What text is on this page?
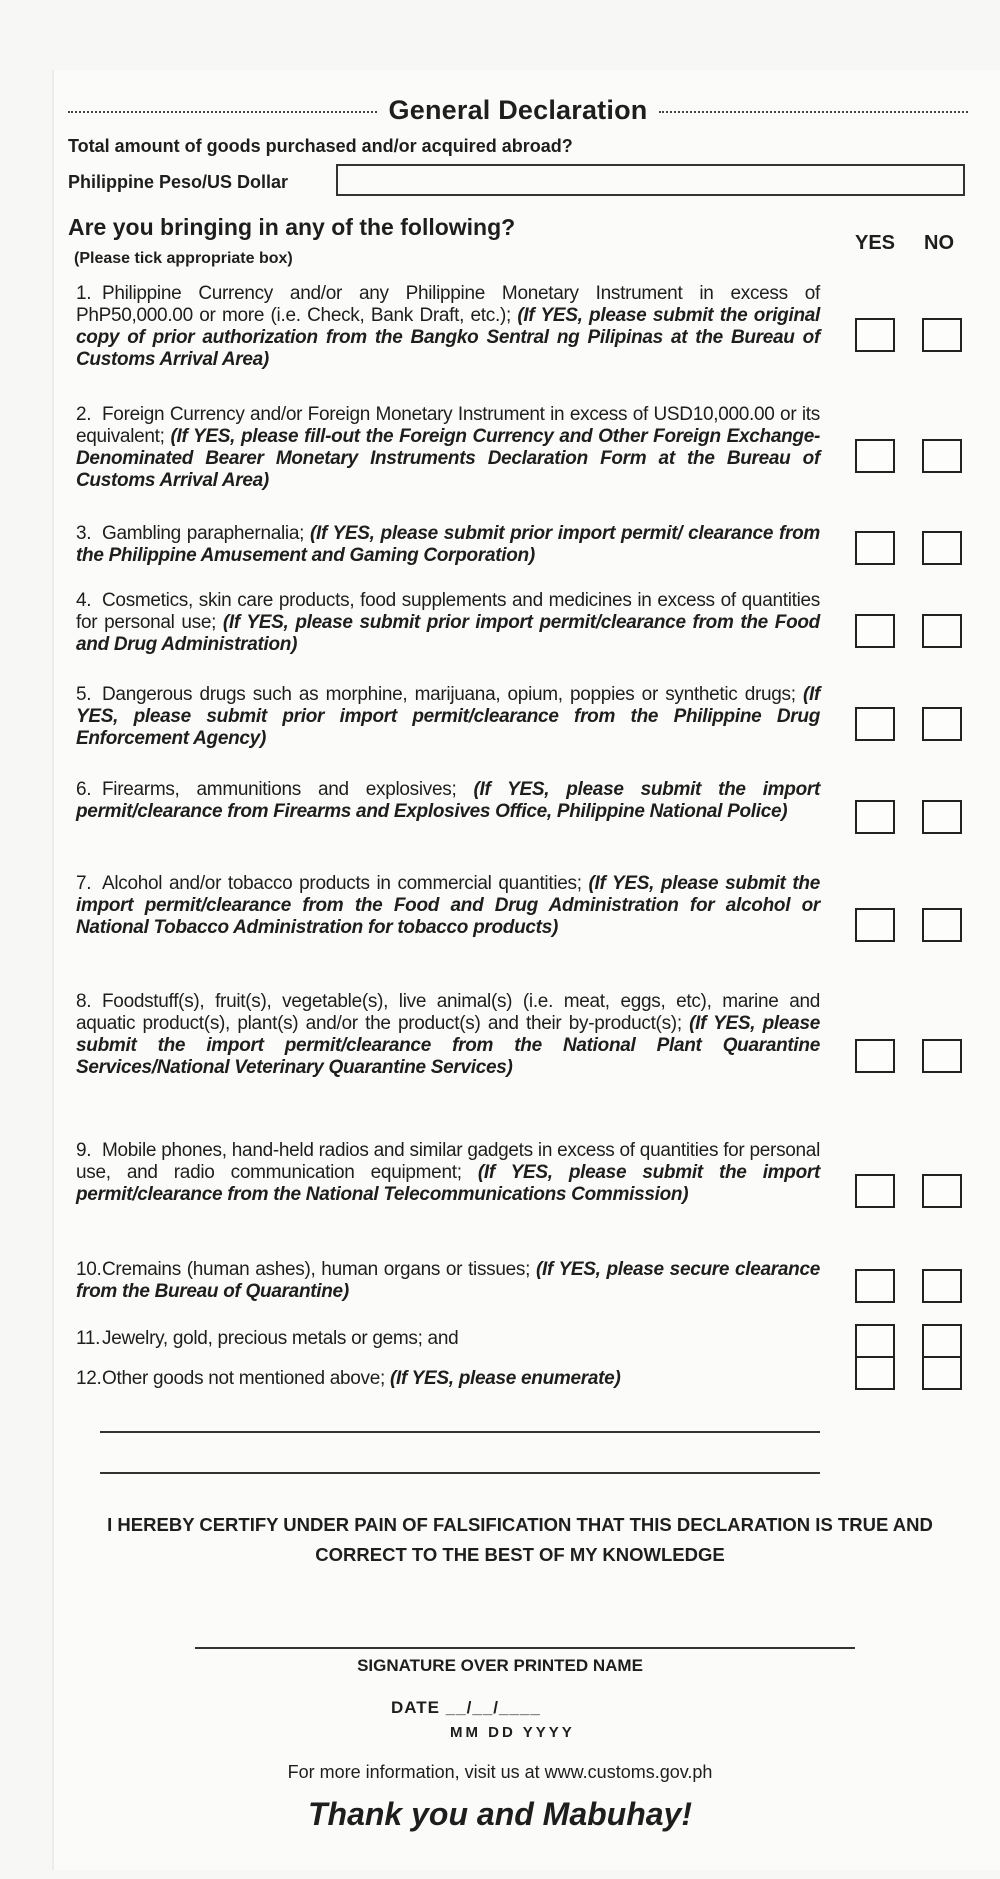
General Declaration
Total amount of goods purchased and/or acquired abroad?
Philippine Peso/US Dollar
Are you bringing in any of the following?
(Please tick appropriate box)
YES NO
1. Philippine Currency and/or any Philippine Monetary Instrument in excess of PhP50,000.00 or more (i.e. Check, Bank Draft, etc.); (If YES, please submit the original copy of prior authorization from the Bangko Sentral ng Pilipinas at the Bureau of Customs Arrival Area)
2. Foreign Currency and/or Foreign Monetary Instrument in excess of USD10,000.00 or its equivalent; (If YES, please fill-out the Foreign Currency and Other Foreign Exchange-Denominated Bearer Monetary Instruments Declaration Form at the Bureau of Customs Arrival Area)
3. Gambling paraphernalia; (If YES, please submit prior import permit/ clearance from the Philippine Amusement and Gaming Corporation)
4. Cosmetics, skin care products, food supplements and medicines in excess of quantities for personal use; (If YES, please submit prior import permit/clearance from the Food and Drug Administration)
5. Dangerous drugs such as morphine, marijuana, opium, poppies or synthetic drugs; (If YES, please submit prior import permit/clearance from the Philippine Drug Enforcement Agency)
6. Firearms, ammunitions and explosives; (If YES, please submit the import permit/clearance from Firearms and Explosives Office, Philippine National Police)
7. Alcohol and/or tobacco products in commercial quantities; (If YES, please submit the import permit/clearance from the Food and Drug Administration for alcohol or National Tobacco Administration for tobacco products)
8. Foodstuff(s), fruit(s), vegetable(s), live animal(s) (i.e. meat, eggs, etc), marine and aquatic product(s), plant(s) and/or the product(s) and their by-product(s); (If YES, please submit the import permit/clearance from the National Plant Quarantine Services/National Veterinary Quarantine Services)
9. Mobile phones, hand-held radios and similar gadgets in excess of quantities for personal use, and radio communication equipment; (If YES, please submit the import permit/clearance from the National Telecommunications Commission)
10.Cremains (human ashes), human organs or tissues; (If YES, please secure clearance from the Bureau of Quarantine)
11.Jewelry, gold, precious metals or gems; and
12.Other goods not mentioned above; (If YES, please enumerate)
I HEREBY CERTIFY UNDER PAIN OF FALSIFICATION THAT THIS DECLARATION IS TRUE AND CORRECT TO THE BEST OF MY KNOWLEDGE
SIGNATURE OVER PRINTED NAME
DATE __/__/____
MM DD YYYY
For more information, visit us at www.customs.gov.ph
Thank you and Mabuhay!
